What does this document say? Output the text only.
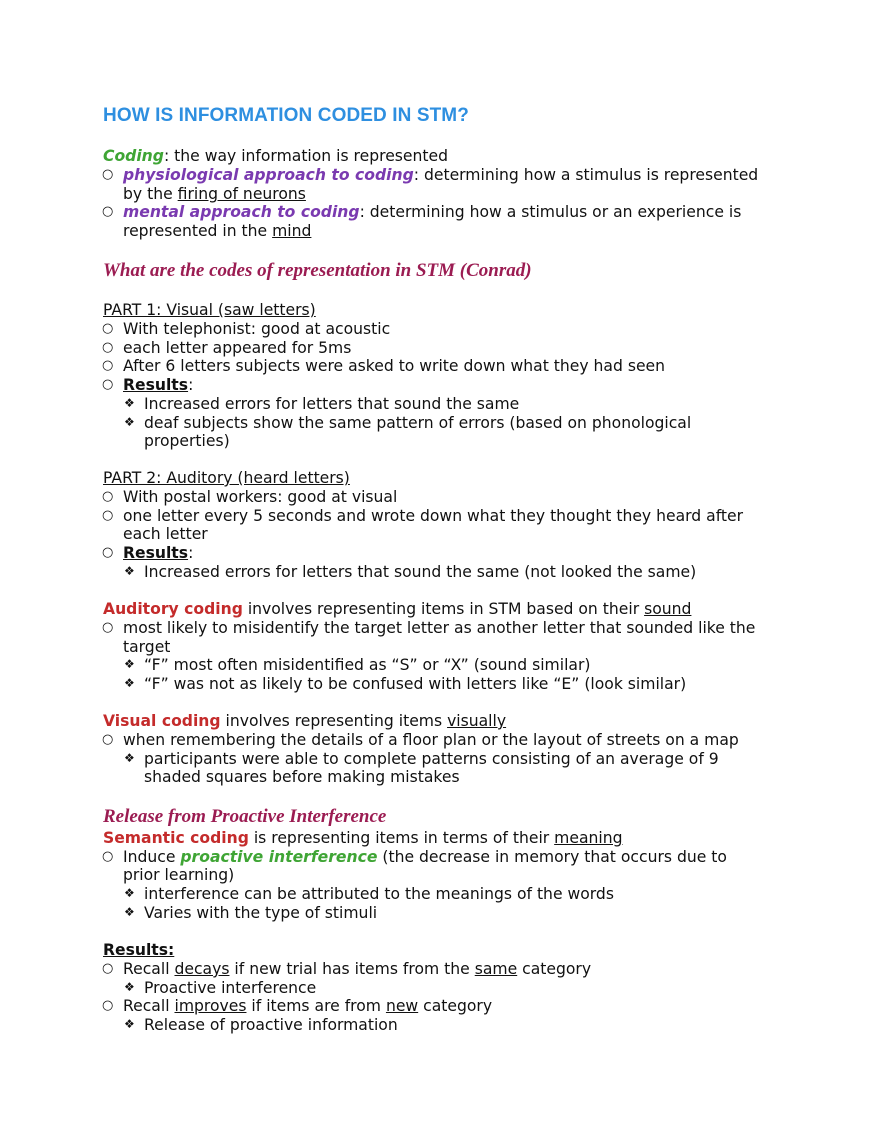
HOW IS INFORMATION CODED IN STM?
Coding: the way information is represented
○ physiological approach to coding: determining how a stimulus is represented
by the firing of neurons
○ mental approach to coding: determining how a stimulus or an experience is
represented in the mind
What are the codes of representation in STM (Conrad)
PART 1: Visual (saw letters)
○ With telephonist: good at acoustic
○ each letter appeared for 5ms
○ After 6 letters subjects were asked to write down what they had seen
○ Results:
❖ Increased errors for letters that sound the same
❖ deaf subjects show the same pattern of errors (based on phonological
properties)
PART 2: Auditory (heard letters)
○ With postal workers: good at visual
○ one letter every 5 seconds and wrote down what they thought they heard after
each letter
○ Results:
❖ Increased errors for letters that sound the same (not looked the same)
Auditory coding involves representing items in STM based on their sound
○ most likely to misidentify the target letter as another letter that sounded like the
target
❖ “F” most often misidentified as “S” or “X” (sound similar)
❖ “F” was not as likely to be confused with letters like “E” (look similar)
Visual coding involves representing items visually
○ when remembering the details of a floor plan or the layout of streets on a map
❖ participants were able to complete patterns consisting of an average of 9
shaded squares before making mistakes
Release from Proactive Interference
Semantic coding is representing items in terms of their meaning
○ Induce proactive interference (the decrease in memory that occurs due to
prior learning)
❖ interference can be attributed to the meanings of the words
❖ Varies with the type of stimuli
Results:
○ Recall decays if new trial has items from the same category
❖ Proactive interference
○ Recall improves if items are from new category
❖ Release of proactive information
